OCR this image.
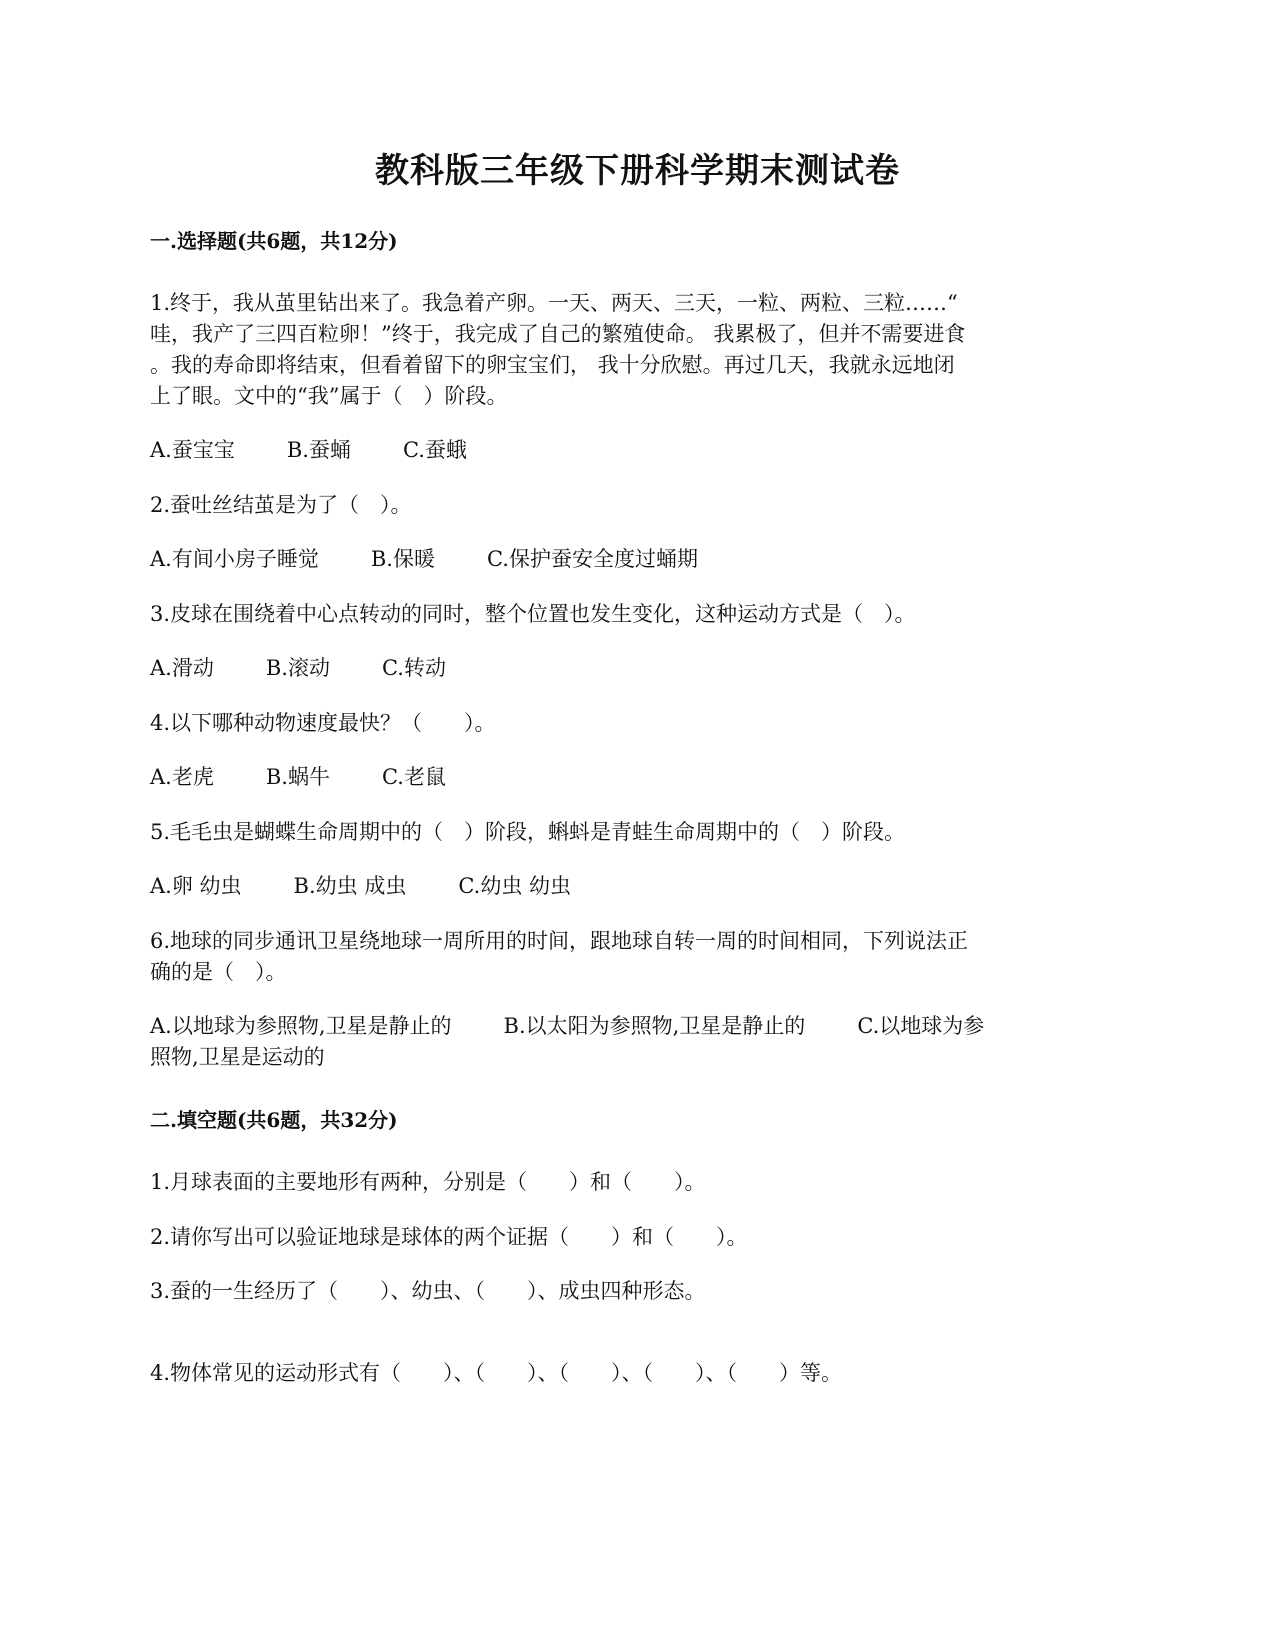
教科版三年级下册科学期末测试卷
一.选择题(共6题，共12分)
1.终于，我从茧里钻出来了。我急着产卵。一天、两天、三天，一粒、两粒、三粒……“
哇，我产了三四百粒卵！”终于，我完成了自己的繁殖使命。 我累极了，但并不需要进食
。我的寿命即将结束，但看着留下的卵宝宝们， 我十分欣慰。再过几天，我就永远地闭
上了眼。文中的“我”属于（　）阶段。
A.蚕宝宝 B.蚕蛹 C.蚕蛾
2.蚕吐丝结茧是为了（　）。
A.有间小房子睡觉 B.保暖 C.保护蚕安全度过蛹期
3.皮球在围绕着中心点转动的同时，整个位置也发生变化，这种运动方式是（　）。
A.滑动 B.滚动 C.转动
4.以下哪种动物速度最快？（　　）。
A.老虎 B.蜗牛 C.老鼠
5.毛毛虫是蝴蝶生命周期中的（　）阶段，蝌蚪是青蛙生命周期中的（　）阶段。
A.卵 幼虫 B.幼虫 成虫 C.幼虫 幼虫
6.地球的同步通讯卫星绕地球一周所用的时间，跟地球自转一周的时间相同，下列说法正
确的是（　）。
A.以地球为参照物,卫星是静止的 B.以太阳为参照物,卫星是静止的 C.以地球为参
照物,卫星是运动的
二.填空题(共6题，共32分)
1.月球表面的主要地形有两种，分别是（　　）和（　　）。
2.请你写出可以验证地球是球体的两个证据（　　）和（　　）。
3.蚕的一生经历了（　　）、幼虫、（　　）、成虫四种形态。
4.物体常见的运动形式有（　　）、（　　）、（　　）、（　　）、（　　）等。
